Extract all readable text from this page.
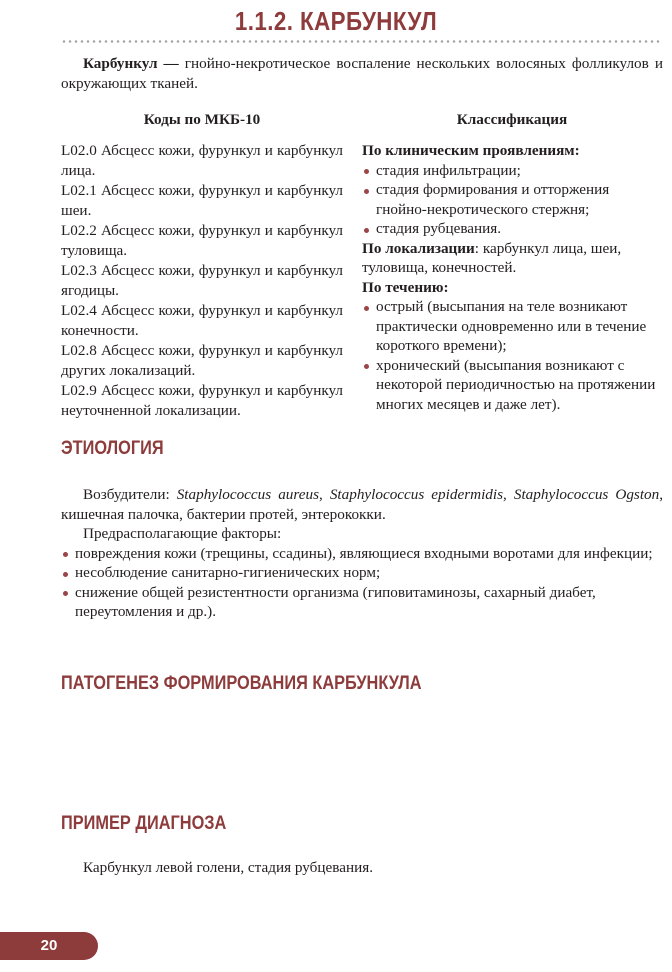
1.1.2. КАРБУНКУЛ

Карбункул — гнойно-некротическое воспаление нескольких волосяных фолликулов и окружающих тканей.

Коды по МКБ-10

L02.0 Абсцесс кожи, фурункул и карбункул лица.

L02.1 Абсцесс кожи, фурункул и карбункул шеи.

L02.2 Абсцесс кожи, фурункул и карбункул туловища.

L02.3 Абсцесс кожи, фурункул и карбункул ягодицы.

L02.4 Абсцесс кожи, фурункул и карбункул конечности.

L02.8 Абсцесс кожи, фурункул и карбункул других локализаций.

L02.9 Абсцесс кожи, фурункул и карбункул неуточненной локализации.

Классификация

По клиническим проявлениям:

стадия инфильтрации;
стадия формирования и отторжения гнойно-некротического стержня;
стадия рубцевания.

По локализации: карбункул лица, шеи, туловища, конечностей.

По течению:

острый (высыпания на теле возникают практически одновременно или в течение короткого времени);
хронический (высыпания возникают с некоторой периодичностью на протяжении многих месяцев и даже лет).
ЭТИОЛОГИЯ

Возбудители: Staphylococcus aureus, Staphylococcus epidermidis, Staphylococcus Ogston, кишечная палочка, бактерии протей, энтерококки.

Предрасполагающие факторы:

повреждения кожи (трещины, ссадины), являющиеся входными воротами для инфекции;
несоблюдение санитарно-гигиенических норм;
снижение общей резистентности организма (гиповитаминозы, сахарный диабет, переутомления и др.).
ПАТОГЕНЕЗ ФОРМИРОВАНИЯ КАРБУНКУЛА
ПРИМЕР ДИАГНОЗА

Карбункул левой голени, стадия рубцевания.

20
